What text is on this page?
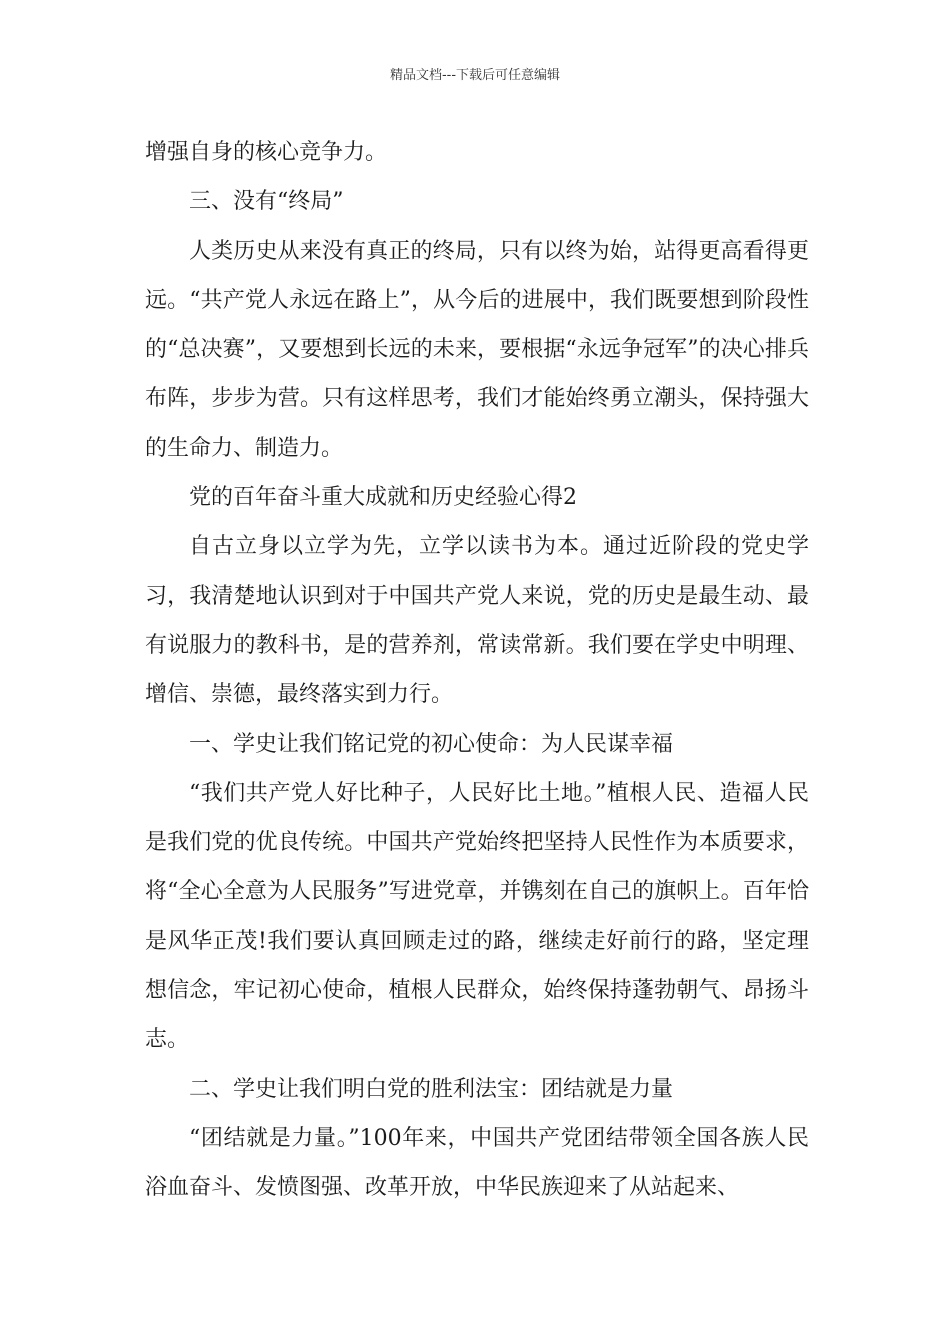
精品文档---下载后可任意编辑

增强自身的核心竞争力。

三、没有“终局”

人类历史从来没有真正的终局，只有以终为始，站得更高看得更远。“共产党人永远在路上”，从今后的进展中，我们既要想到阶段性的“总决赛”，又要想到长远的未来，要根据“永远争冠军”的决心排兵布阵，步步为营。只有这样思考，我们才能始终勇立潮头，保持强大的生命力、制造力。

党的百年奋斗重大成就和历史经验心得2

自古立身以立学为先，立学以读书为本。通过近阶段的党史学习，我清楚地认识到对于中国共产党人来说，党的历史是最生动、最有说服力的教科书，是的营养剂，常读常新。我们要在学史中明理、增信、崇德，最终落实到力行。

一、学史让我们铭记党的初心使命：为人民谋幸福

“我们共产党人好比种子，人民好比土地。”植根人民、造福人民是我们党的优良传统。中国共产党始终把坚持人民性作为本质要求，将“全心全意为人民服务”写进党章，并镌刻在自己的旗帜上。百年恰是风华正茂!我们要认真回顾走过的路，继续走好前行的路，坚定理想信念，牢记初心使命，植根人民群众，始终保持蓬勃朝气、昂扬斗志。

二、学史让我们明白党的胜利法宝：团结就是力量

“团结就是力量。”100年来，中国共产党团结带领全国各族人民浴血奋斗、发愤图强、改革开放，中华民族迎来了从站起来、
